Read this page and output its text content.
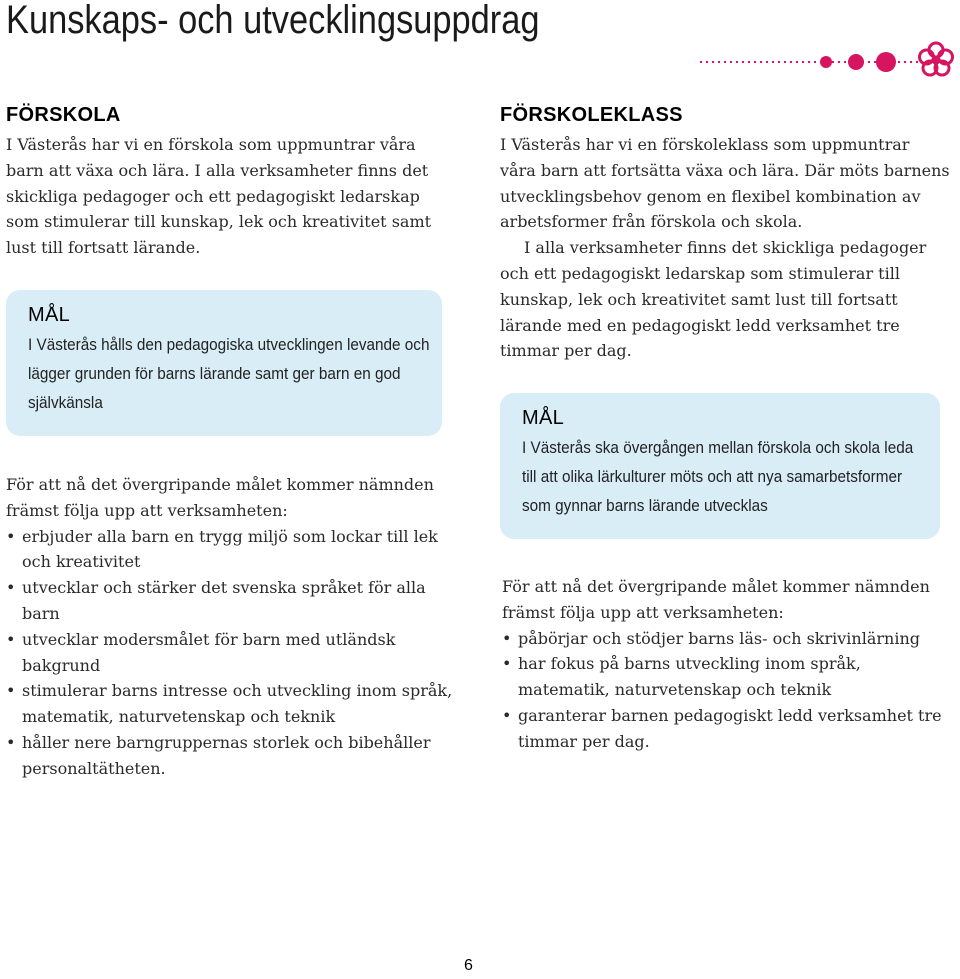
Kunskaps- och utvecklingsuppdrag
FÖRSKOLA

I Västerås har vi en förskola som uppmuntrar våra barn att växa och lära. I alla verksamheter finns det skickliga pedagoger och ett pedagogiskt ledarskap som stimulerar till kunskap, lek och kreativitet samt lust till fortsatt lärande.

MÅL
I Västerås hålls den pedagogiska utvecklingen levande och lägger grunden för barns lärande samt ger barn en god självkänsla

För att nå det övergripande målet kommer nämnden främst följa upp att verksamheten:

• erbjuder alla barn en trygg miljö som lockar till lek och kreativitet
• utvecklar och stärker det svenska språket för alla barn
• utvecklar modersmålet för barn med utländsk bakgrund
• stimulerar barns intresse och utveckling inom språk, matematik, naturvetenskap och teknik
• håller nere barngruppernas storlek och bibehåller personaltätheten.
FÖRSKOLEKLASS

I Västerås har vi en förskoleklass som uppmuntrar våra barn att fortsätta växa och lära. Där möts barnens utvecklingsbehov genom en flexibel kombination av arbetsformer från förskola och skola.

I alla verksamheter finns det skickliga pedagoger och ett pedagogiskt ledarskap som stimulerar till kunskap, lek och kreativitet samt lust till fortsatt lärande med en pedagogiskt ledd verksamhet tre timmar per dag.

MÅL
I Västerås ska övergången mellan förskola och skola leda till att olika lärkulturer möts och att nya samarbetsformer som gynnar barns lärande utvecklas

För att nå det övergripande målet kommer nämnden främst följa upp att verksamheten:

• påbörjar och stödjer barns läs- och skrivinlärning
• har fokus på barns utveckling inom språk, matematik, naturvetenskap och teknik
• garanterar barnen pedagogiskt ledd verksamhet tre timmar per dag.
6
